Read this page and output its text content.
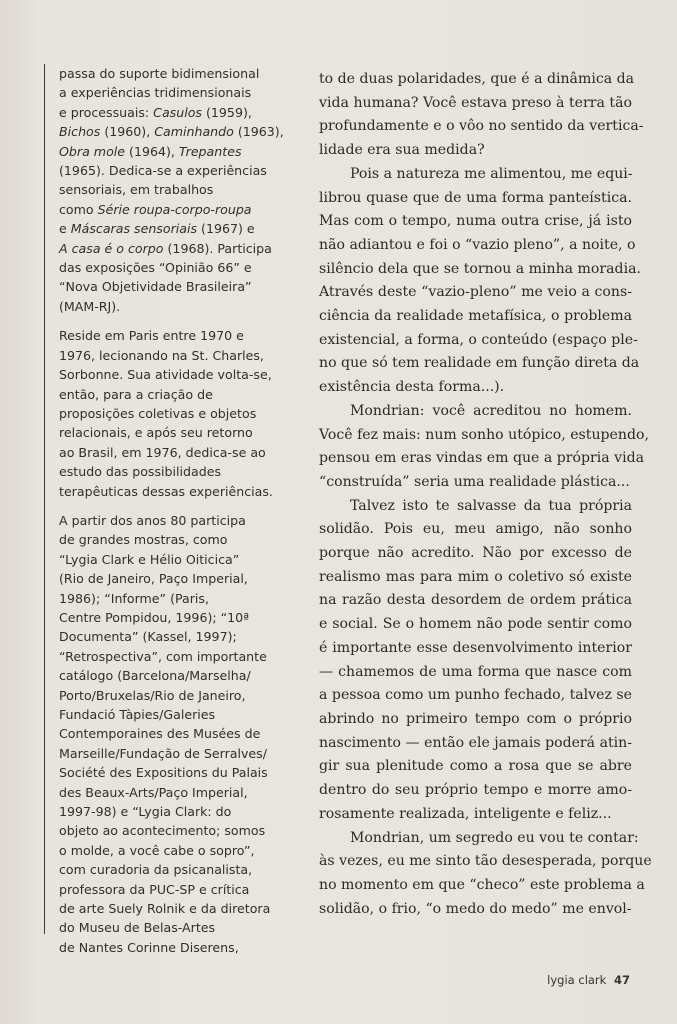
passa do suporte bidimensional
a experiências tridimensionais
e processuais: Casulos (1959),
Bichos (1960), Caminhando (1963),
Obra mole (1964), Trepantes
(1965). Dedica-se a experiências
sensoriais, em trabalhos
como Série roupa-corpo-roupa
e Máscaras sensoriais (1967) e
A casa é o corpo (1968). Participa
das exposições “Opinião 66” e
“Nova Objetividade Brasileira”
(MAM-RJ).
Reside em Paris entre 1970 e
1976, lecionando na St. Charles,
Sorbonne. Sua atividade volta-se,
então, para a criação de
proposições coletivas e objetos
relacionais, e após seu retorno
ao Brasil, em 1976, dedica-se ao
estudo das possibilidades
terapêuticas dessas experiências.
A partir dos anos 80 participa
de grandes mostras, como
“Lygia Clark e Hélio Oiticica”
(Rio de Janeiro, Paço Imperial,
1986); “Informe” (Paris,
Centre Pompidou, 1996); “10ª
Documenta” (Kassel, 1997);
“Retrospectiva”, com importante
catálogo (Barcelona/Marselha/
Porto/Bruxelas/Rio de Janeiro,
Fundació Tàpies/Galeries
Contemporaines des Musées de
Marseille/Fundação de Serralves/
Société des Expositions du Palais
des Beaux-Arts/Paço Imperial,
1997-98) e “Lygia Clark: do
objeto ao acontecimento; somos
o molde, a você cabe o sopro”,
com curadoria da psicanalista,
professora da PUC-SP e crítica
de arte Suely Rolnik e da diretora
do Museu de Belas-Artes
de Nantes Corinne Diserens,
to de duas polaridades, que é a dinâmica da
vida humana? Você estava preso à terra tão
profundamente e o vôo no sentido da vertica-
lidade era sua medida?
Pois a natureza me alimentou, me equi-
librou quase que de uma forma panteística.
Mas com o tempo, numa outra crise, já isto
não adiantou e foi o “vazio pleno”, a noite, o
silêncio dela que se tornou a minha moradia.
Através deste “vazio-pleno” me veio a cons-
ciência da realidade metafísica, o problema
existencial, a forma, o conteúdo (espaço ple-
no que só tem realidade em função direta da
existência desta forma...).
Mondrian: você acreditou no homem.
Você fez mais: num sonho utópico, estupendo,
pensou em eras vindas em que a própria vida
“construída” seria uma realidade plástica...
Talvez isto te salvasse da tua própria
solidão. Pois eu, meu amigo, não sonho
porque não acredito. Não por excesso de
realismo mas para mim o coletivo só existe
na razão desta desordem de ordem prática
e social. Se o homem não pode sentir como
é importante esse desenvolvimento interior
— chamemos de uma forma que nasce com
a pessoa como um punho fechado, talvez se
abrindo no primeiro tempo com o próprio
nascimento — então ele jamais poderá atin-
gir sua plenitude como a rosa que se abre
dentro do seu próprio tempo e morre amo-
rosamente realizada, inteligente e feliz...
Mondrian, um segredo eu vou te contar:
às vezes, eu me sinto tão desesperada, porque
no momento em que “checo” este problema a
solidão, o frio, “o medo do medo” me envol-
lygia clark 47
